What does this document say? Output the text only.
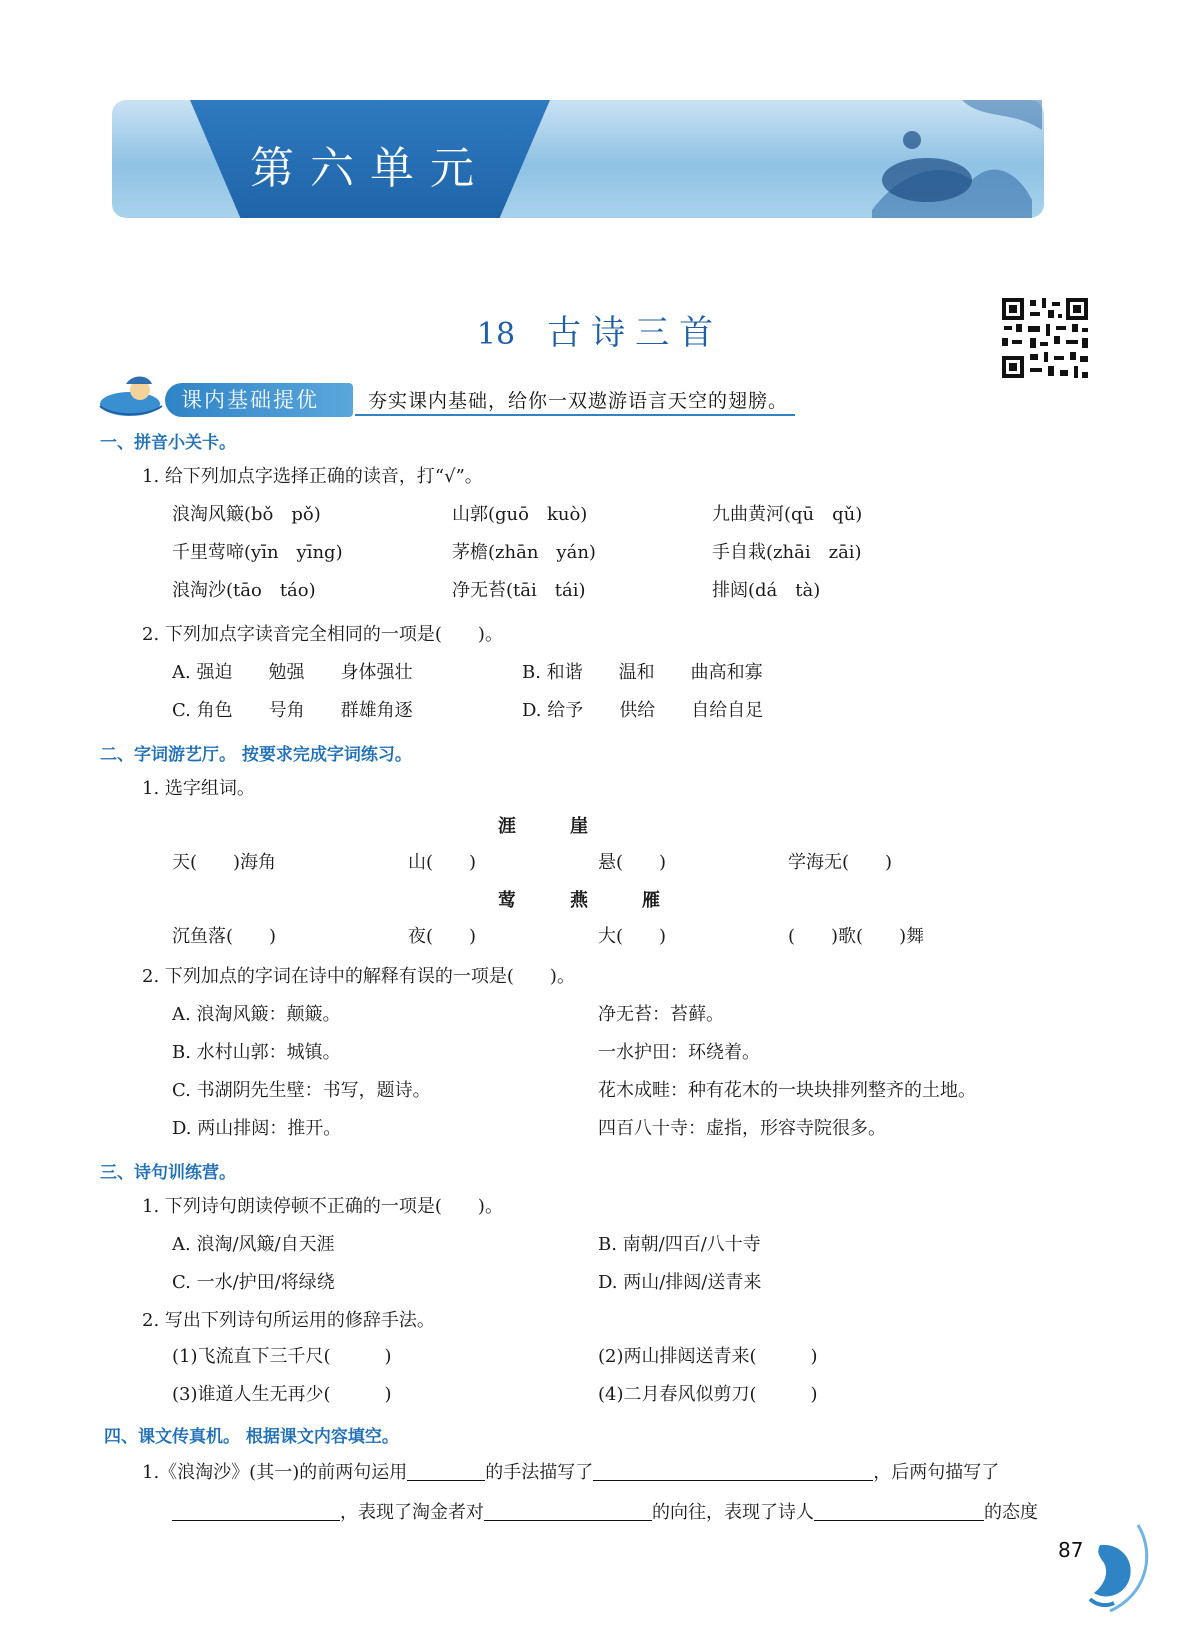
第六单元
18 古诗三首
课内基础提优	夯实课内基础，给你一双遨游语言天空的翅膀。
一、拼音小关卡。
1. 给下列加点字选择正确的读音，打“√”。
浪淘风簸(bǒ　pǒ)	山郭(guō　kuò)	九曲黄河(qū　qǔ)
千里莺啼(yīn　yīng)	茅檐(zhān　yán)	手自栽(zhāi　zāi)
浪淘沙(tāo　táo)	净无苔(tāi　tái)	排闼(dá　tà)
2. 下列加点字读音完全相同的一项是(　　)。
A. 强迫　　勉强　　身体强壮	B. 和谐　　温和　　曲高和寡
C. 角色　　号角　　群雄角逐	D. 给予　　供给　　自给自足
二、字词游艺厅。 按要求完成字词练习。
1. 选字组词。
涯　　　崖
天(　　)海角	山(　　)	悬(　　)	学海无(　　)
莺　　　燕　　　雁
沉鱼落(　　)	夜(　　)	大(　　)	(　　)歌(　　)舞
2. 下列加点的字词在诗中的解释有误的一项是(　　)。
A. 浪淘风簸：颠簸。	净无苔：苔藓。
B. 水村山郭：城镇。	一水护田：环绕着。
C. 书湖阴先生壁：书写，题诗。	花木成畦：种有花木的一块块排列整齐的土地。
D. 两山排闼：推开。	四百八十寺：虚指，形容寺院很多。
三、诗句训练营。
1. 下列诗句朗读停顿不正确的一项是(　　)。
A. 浪淘/风簸/自天涯	B. 南朝/四百/八十寺
C. 一水/护田/将绿绕	D. 两山/排闼/送青来
2. 写出下列诗句所运用的修辞手法。
(1)飞流直下三千尺(　　　)	(2)两山排闼送青来(　　　)
(3)谁道人生无再少(　　　)	(4)二月春风似剪刀(　　　)
四、课文传真机。 根据课文内容填空。
1.《浪淘沙》(其一)的前两句运用	的手法描写了	，后两句描写了
，表现了淘金者对	的向往，表现了诗人	的态度
87
